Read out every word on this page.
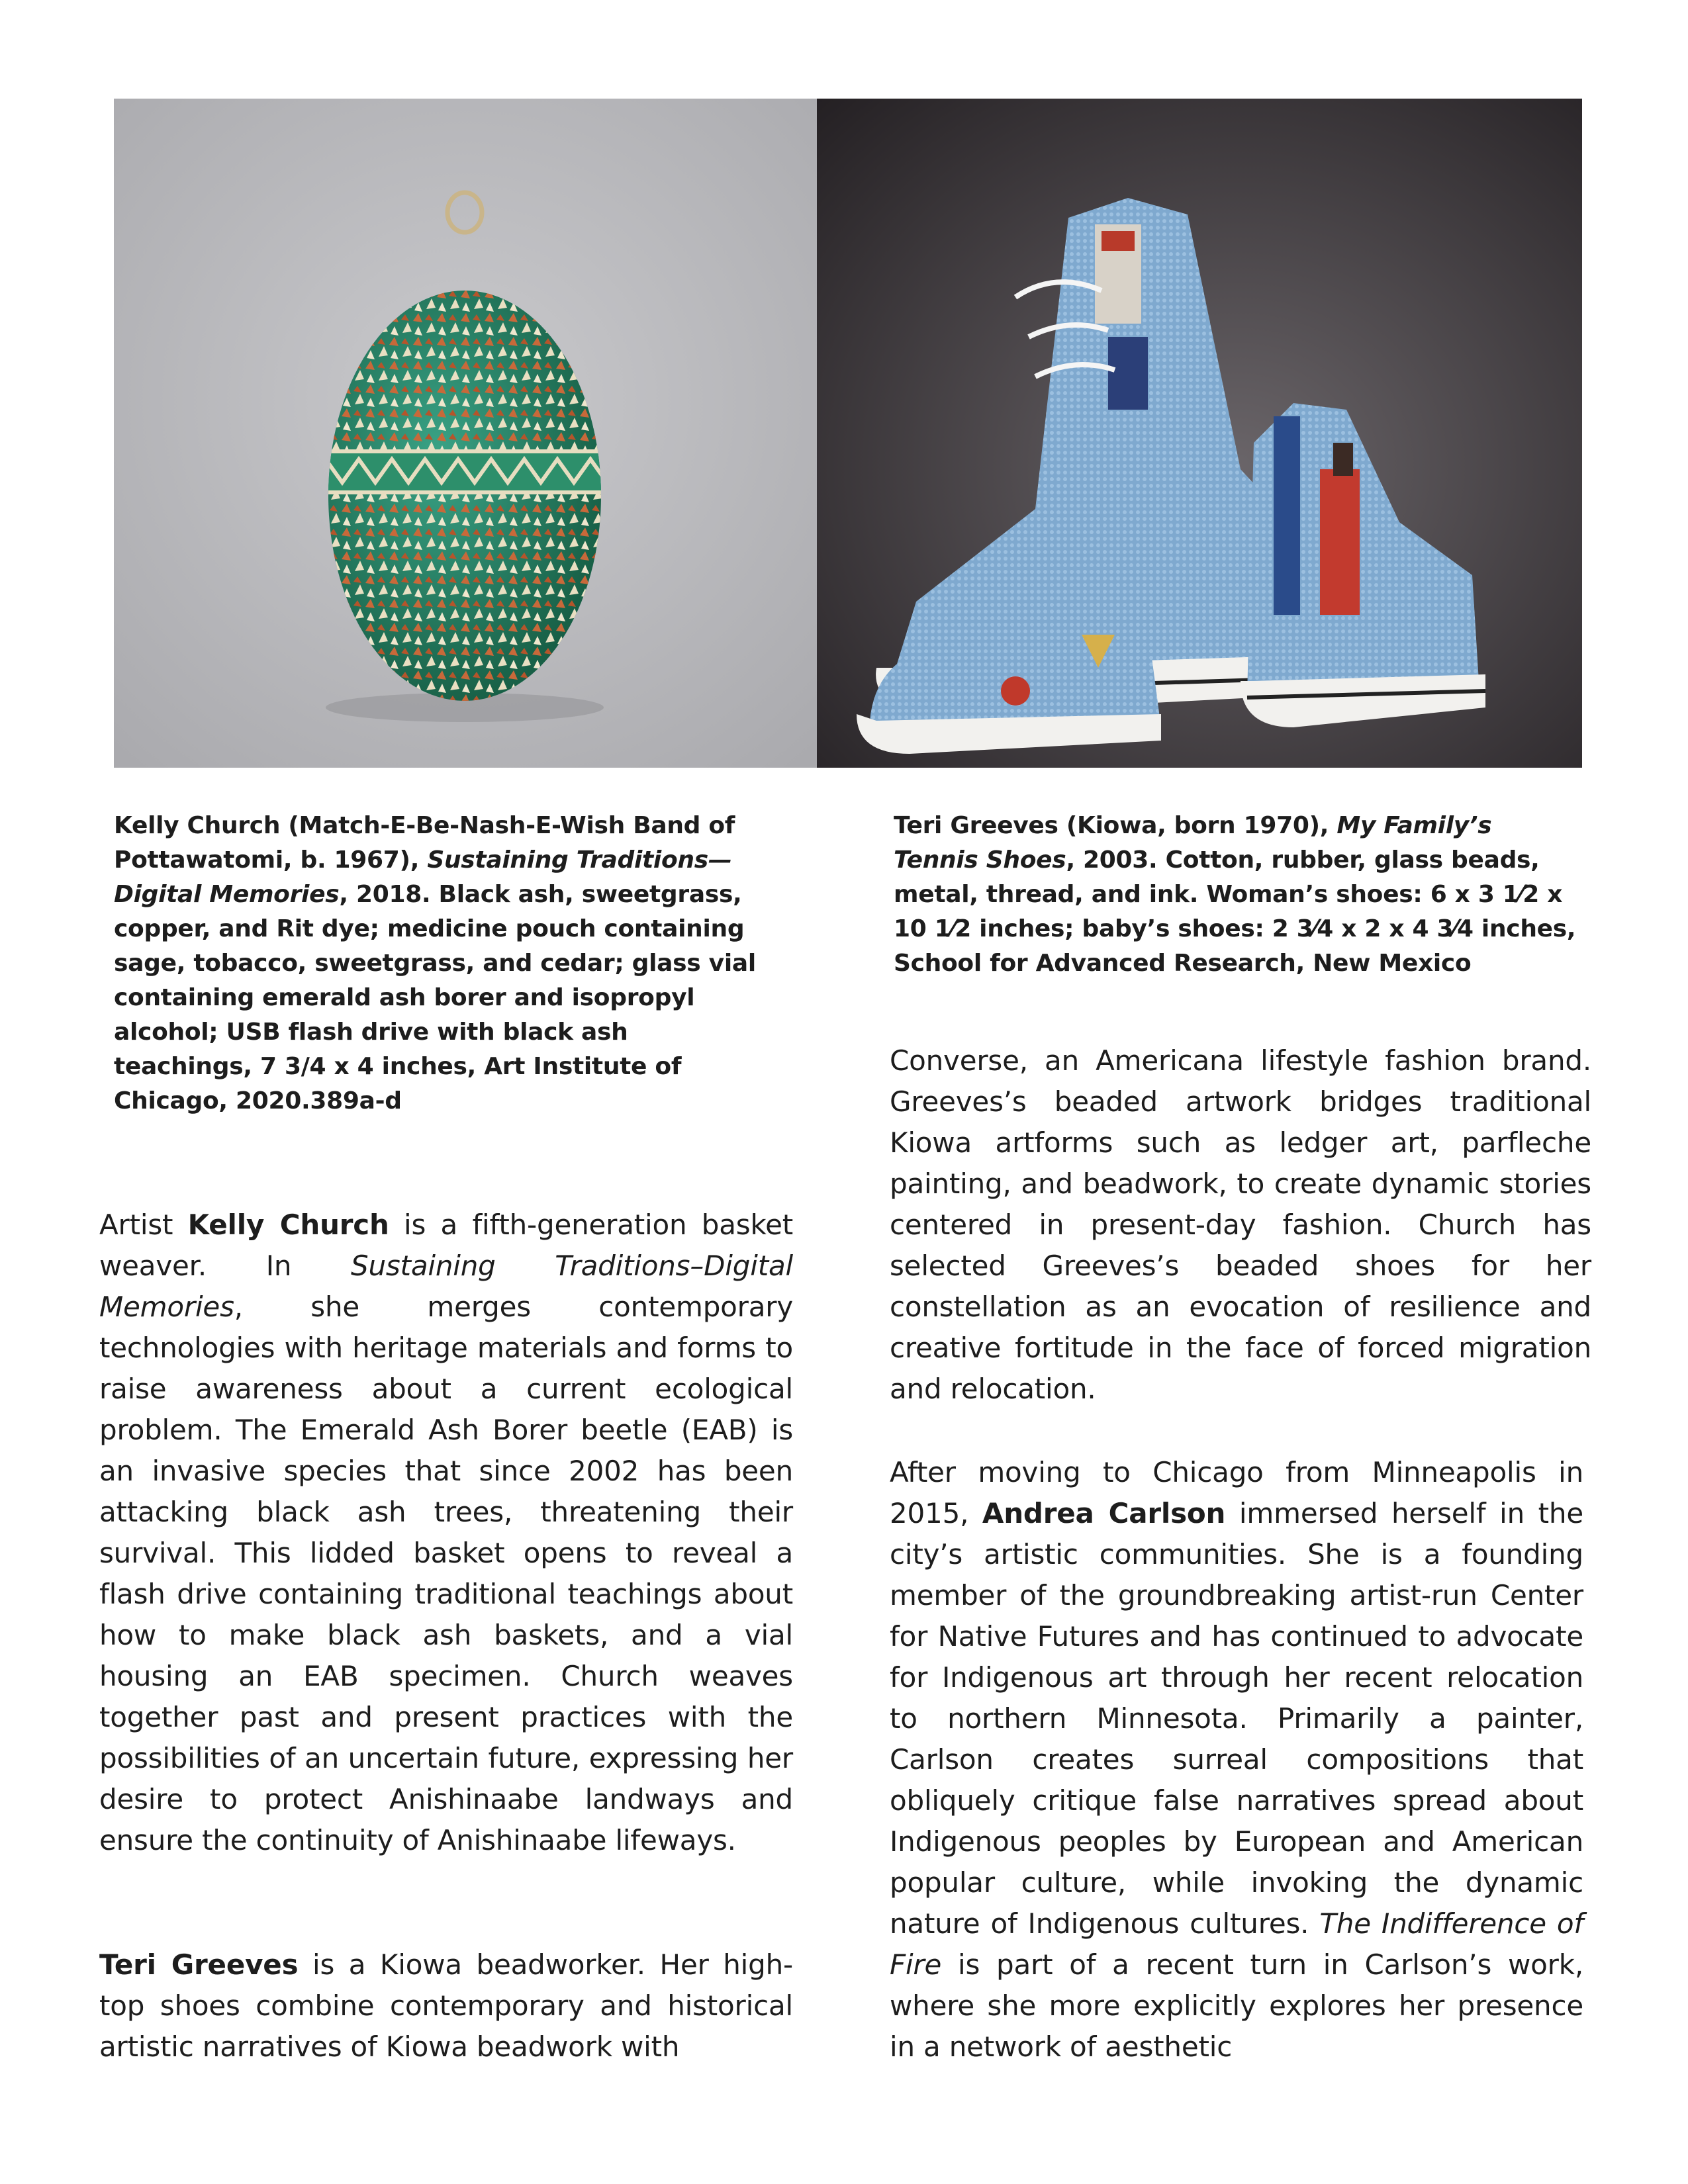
Kelly Church (Match-E-Be-Nash-E-Wish Band of Pottawatomi, b. 1967), Sustaining Traditions—Digital Memories, 2018. Black ash, sweetgrass, copper, and Rit dye; medicine pouch containing sage, tobacco, sweetgrass, and cedar; glass vial containing emerald ash borer and isopropyl alcohol; USB flash drive with black ash teachings, 7 3/4 x 4 inches, Art Institute of Chicago, 2020.389a-d
Teri Greeves (Kiowa, born 1970), My Family’s Tennis Shoes, 2003. Cotton, rubber, glass beads, metal, thread, and ink. Woman’s shoes: 6 x 3 1⁄2 x 10 1⁄2 inches; baby’s shoes: 2 3⁄4 x 2 x 4 3⁄4 inches, School for Advanced Research, New Mexico
Artist Kelly Church is a fifth-generation basket weaver. In Sustaining Traditions–Digital Memories, she merges contemporary technologies with heritage materials and forms to raise awareness about a current ecological problem. The Emerald Ash Borer beetle (EAB) is an invasive species that since 2002 has been attacking black ash trees, threatening their survival. This lidded basket opens to reveal a flash drive containing traditional teachings about how to make black ash baskets, and a vial housing an EAB specimen. Church weaves together past and present practices with the possibilities of an uncertain future, expressing her desire to protect Anishinaabe landways and ensure the continuity of Anishinaabe lifeways.
Teri Greeves is a Kiowa beadworker. Her high-top shoes combine contemporary and historical artistic narratives of Kiowa beadwork with
Converse, an Americana lifestyle fashion brand. Greeves’s beaded artwork bridges traditional Kiowa artforms such as ledger art, parfleche painting, and beadwork, to create dynamic stories centered in present-day fashion. Church has selected Greeves’s beaded shoes for her constellation as an evocation of resilience and creative fortitude in the face of forced migration and relocation.
After moving to Chicago from Minneapolis in 2015, Andrea Carlson immersed herself in the city’s artistic communities. She is a founding member of the groundbreaking artist-run Center for Native Futures and has continued to advocate for Indigenous art through her recent relocation to northern Minnesota. Primarily a painter, Carlson creates surreal compositions that obliquely critique false narratives spread about Indigenous peoples by European and American popular culture, while invoking the dynamic nature of Indigenous cultures. The Indifference of Fire is part of a recent turn in Carlson’s work, where she more explicitly explores her presence in a network of aesthetic
